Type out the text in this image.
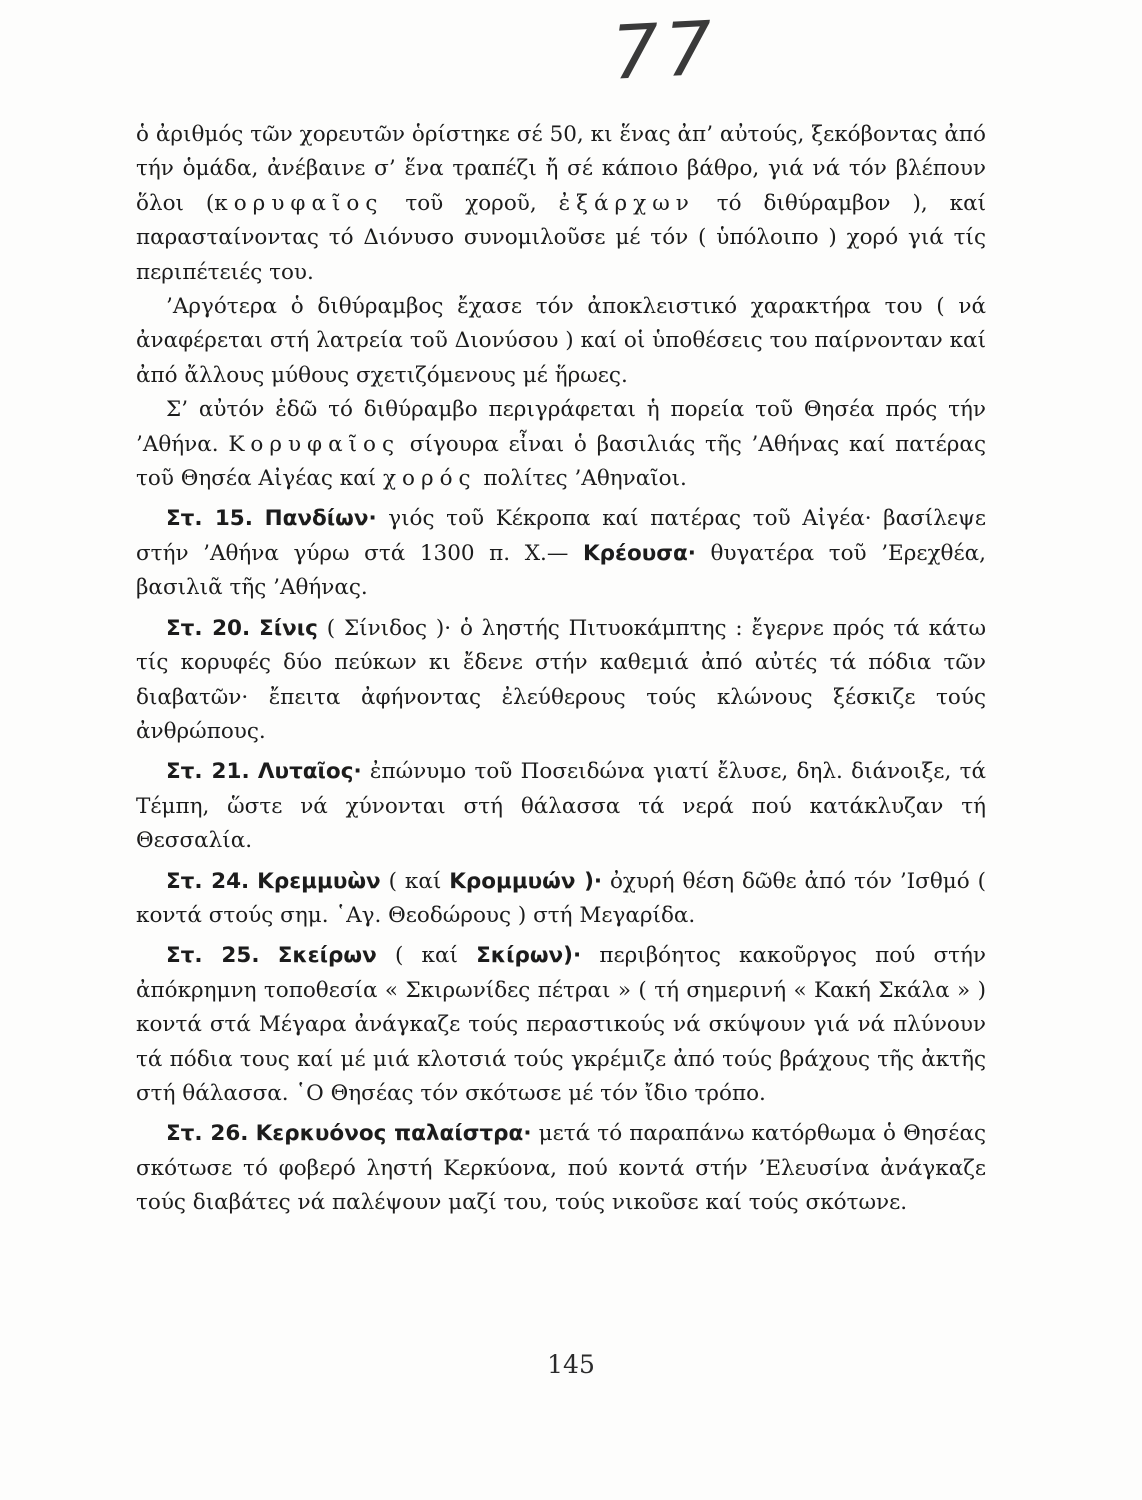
77

ὁ ἀριθμός τῶν χορευτῶν ὁρίστηκε σέ 50, κι ἕνας ἀπ’ αὐτούς, ξεκόβοντας ἀπό τήν ὁμάδα, ἀνέβαινε σ’ ἕνα τραπέζι ἤ σέ κάποιο βάθρο, γιά νά τόν βλέπουν ὅλοι (κορυφαῖος τοῦ χοροῦ, ἐξάρχων τό διθύραμβον ), καί παρασταίνοντας τό Διόνυσο συνομιλοῦσε μέ τόν ( ὑπόλοιπο ) χορό γιά τίς περιπέτειές του.

’Αργότερα ὁ διθύραμβος ἔχασε τόν ἀποκλειστικό χαρακτήρα του ( νά ἀναφέρεται στή λατρεία τοῦ Διονύσου ) καί οἱ ὑποθέσεις του παίρνονταν καί ἀπό ἄλλους μύθους σχετιζόμενους μέ ἥρωες.

Σ’ αὐτόν ἐδῶ τό διθύραμβο περιγράφεται ἡ πορεία τοῦ Θησέα πρός τήν ’Αθήνα. Κορυφαῖος σίγουρα εἶναι ὁ βασιλιάς τῆς ’Αθήνας καί πατέρας τοῦ Θησέα Αἰγέας καί χορός πολίτες ’Αθηναῖοι.

Στ. 15. Πανδίων· γιός τοῦ Κέκροπα καί πατέρας τοῦ Αἰγέα· βασίλεψε στήν ’Αθήνα γύρω στά 1300 π. Χ.— Κρέουσα· θυγατέρα τοῦ ’Ερεχθέα, βασιλιᾶ τῆς ’Αθήνας.

Στ. 20. Σίνις ( Σίνιδος )· ὁ ληστής Πιτυοκάμπτης : ἔγερνε πρός τά κάτω τίς κορυφές δύο πεύκων κι ἔδενε στήν καθεμιά ἀπό αὐτές τά πόδια τῶν διαβατῶν· ἔπειτα ἀφήνοντας ἐλεύθερους τούς κλώνους ξέσκιζε τούς ἀνθρώπους.

Στ. 21. Λυταῖος· ἐπώνυμο τοῦ Ποσειδώνα γιατί ἔλυσε, δηλ. διάνοιξε, τά Τέμπη, ὥστε νά χύνονται στή θάλασσα τά νερά πού κατάκλυζαν τή Θεσσαλία.

Στ. 24. Κρεμμυὼν ( καί Κρομμυών )· ὀχυρή θέση δῶθε ἀπό τόν ’Ισθμό ( κοντά στούς σημ. ῾Αγ. Θεοδώρους ) στή Μεγαρίδα.

Στ. 25. Σκείρων ( καί Σκίρων)· περιβόητος κακοῦργος πού στήν ἀπόκρημνη τοποθεσία « Σκιρωνίδες πέτραι » ( τή σημερινή « Κακή Σκάλα » ) κοντά στά Μέγαρα ἀνάγκαζε τούς περαστικούς νά σκύψουν γιά νά πλύνουν τά πόδια τους καί μέ μιά κλοτσιά τούς γκρέμιζε ἀπό τούς βράχους τῆς ἀκτῆς στή θάλασσα. ῾Ο Θησέας τόν σκότωσε μέ τόν ἴδιο τρόπο.

Στ. 26. Κερκυόνος παλαίστρα· μετά τό παραπάνω κατόρθωμα ὁ Θησέας σκότωσε τό φοβερό ληστή Κερκύονα, πού κοντά στήν ’Ελευσίνα ἀνάγκαζε τούς διαβάτες νά παλέψουν μαζί του, τούς νικοῦσε καί τούς σκότωνε.

145
